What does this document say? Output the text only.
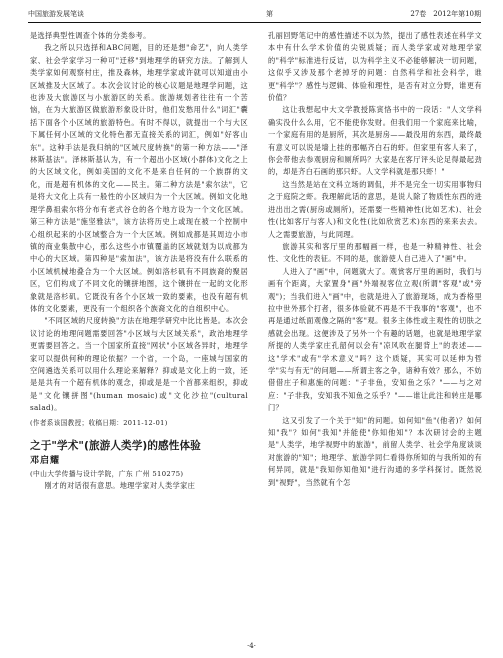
中国旅游发展笔谈	第	27卷　2012年第10期

是选择典型性调查个体的分类参考。

我之所以只选择和ABC问题，目的还是想"命艺"，向人类学家、社会学家学习一种可"迁移"到地理学的研究方法。了解到人类学家如何观察村庄，推及森林，地理学家或许就可以知道由小区域推及大区域了。本次会议讨论的核心议题是地理学问题，这也涉及大旅游区与小旅游区的关系。旅游规划者往往有一个苦恼，在为大旅游区做旅游形象设计时，他们发愁用什么"词汇"囊括下面各个小区域的旅游特色。有时不得以，就提出一个与大区下属任何小区域的文化特色都无直接关系的词汇，例如"好客山东"。这种手法是我归纳的"区域尺度转换"的第一种方法——"泽林斯基法"。泽林斯基认为，有一个超出小区域(小群体)文化之上的大区域文化，例如美国的文化不是来自任何的一个族群的文化，而是超有机体的文化——民主。第二种方法是"索尔法"，它是将大文化上兵有一般性的小区域归为一个大区域。例如文化地理学鼻祖索尔将分布有老式谷仓的各个地方设为一个文化区域。第三种方法是"施坚雅法"，该方法将历史上或现在被一个控制中心组织起来的小区域整合为一个大区域。例如成都是其周边小市镇的商业集散中心，那么这些小市镇覆盖的区域就划为以成都为中心的大区域。第四种是"索加法"，该方法是将没有什么联系的小区域机械地叠合为一个大区域。例如洛杉矶有不同族裔的聚居区，它们构成了不同文化的镶拼地图，这个镶拼在一起的文化形象就是洛杉矶。它既没有各个小区域一致的要素，也没有超有机体的文化要素，更没有一个组织各个族裔文化的自组织中心。

"不同区域的尺度转换"方法在地理学研究中比比皆是。本次会议讨论的地理问题需要回答"小区域与大区域关系"，政治地理学更需要回答之。当一个国家所直接"网状"小区域各异时，地理学家可以提供何种的理论依据？一个省，一个岛，一座城与国家的空间遴选关系可以用什么理论来解释？抑或是文化上的一致，还是是共有一个超有机体的观念，抑或是是一个首都来组织，抑或是"文化镶拼图"(human mosaic)或"文化沙拉"(cultural salad)。

(作者系该国教授；收稿日期：2011-12-01)

之于"学术"(旅游人类学)的感性体验

邓启耀

(中山大学传播与设计学院，广东 广州 510275)

刚才的对话很有意思。地理学家对人类学家庄

孔丽回野笔记中的感性描述不以为然，提出了感性表述在科学文本中有什么学术价值的尖锐质疑；而人类学家或对地理学家的"科学"标准进行反诘，以为科学主义不必能够解决一切问题，这似乎又涉及那个老掉牙的问题：自然科学和社会科学，谁更"科学"？感性与逻辑、体验和理性，是否有对立分野，谁更有价值？

这让我想起中大文学教授陈寅恪书中的一段话："人文学科确实没什么么用，它不能使你发财。但我们用一个家庭来比喻，一个家庭有用的是厨所，其次是厨房——最没用的东西，最终最有意义可以说是墙上挂的那幅齐白石的虾。但家里有客人来了，你会带他去参观厨房和厕所吗？大家是在客厅评头论足得最起劲的，却是齐白石画的那只虾。人文学科就是那只虾！"

这当然是站在文科立场的调侃，并不是完全一切实用事物归之于庭院之虾。我理解此话的意思，是说人除了物质性东西的进进出出之需(厨房或厕所)，还需要一些精神性(比如艺术)、社会性(比如客厅与客人)和文化性(比如欣赏艺术)东西的来来去去。人之需要旅游，与此同理。

旅游其实和客厅里的那幅画一样，也是一种精神性、社会性、文化性的表征。不同的是，旅游使人自己进入了"画"中。

人进入了"画"中，问题就大了。观赏客厅里的画时，我们与画有个距离，大家置身"画"外端视客位立观(所谓"客观"或"旁观")；当我们进入"画"中，也就是进入了旅游现场，成为香格里拉中世外那个打者，很多体验就不再是不干我事的"客观"，也不再是通过纸面观像之隔的"客"观。很多主体性或主观性的切肤之感就会出现。这便涉及了另外一个有趣的话题，也就是地理学家所提的人类学家庄孔韶何以会有"凉风吹在腿背上"的表述——这"学术"或有"学术意义"吗？这个质疑，其实可以延伸为哲学"实与有无"的问题——所谓主客之争，诸种有效？那么，不妨借借庄子和惠施的问题："子非鱼，安知鱼之乐？"——与之对应："子非我，安知我不知鱼之乐乎？"——谁让此注和转庄是哪门？

这又引发了一个关于"知"的问题。如何知"鱼"(他者)？如何知"我"？如何"我知"并能使"你知他知"？本次研讨会的主题是"人类学，地学视野中的旅游"，前留人类学、社会学角度谈谈对旅游的"知"；地理学、旅游学同仁看得你所知的与我所知的有何异同，就是"我知你知他知"进行沟通的多学科探讨。既然说到"视野"，当然就有个怎

·4·
